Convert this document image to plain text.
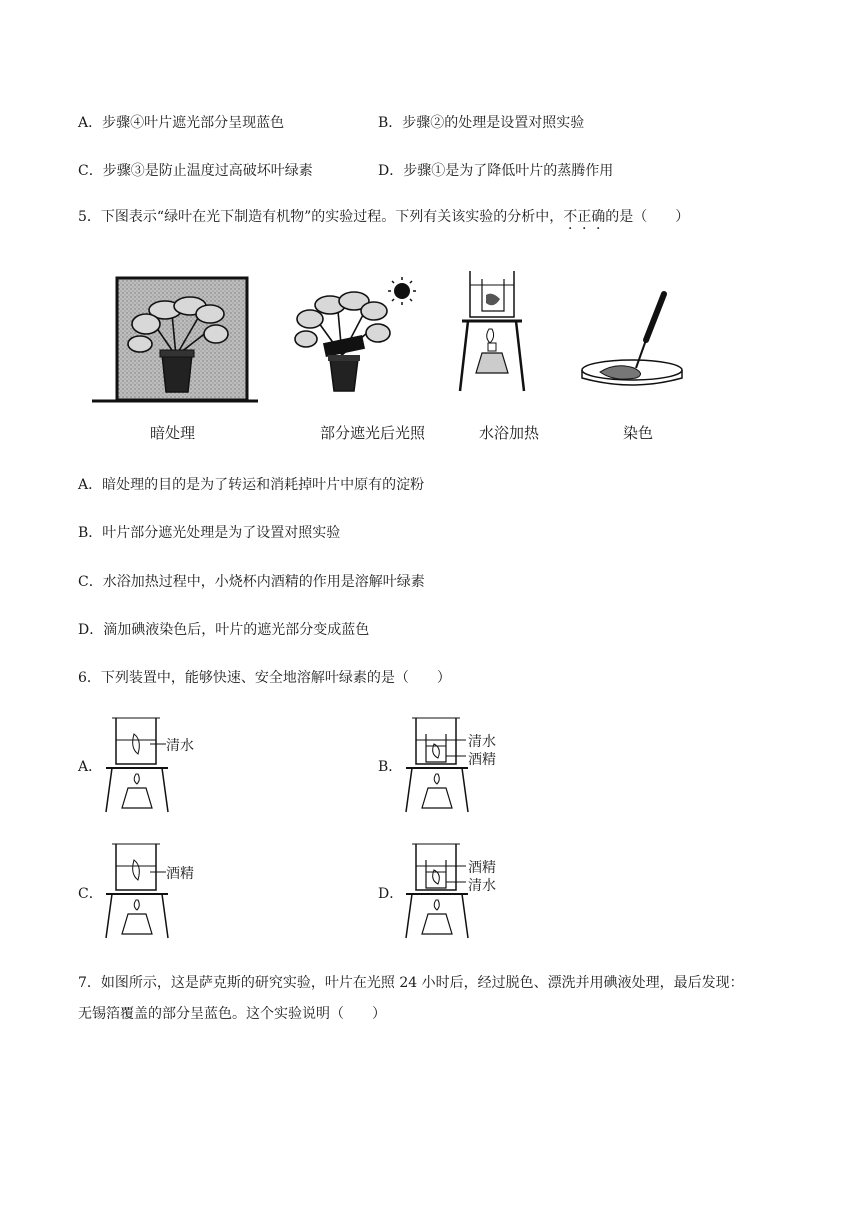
A．步骤④叶片遮光部分呈现蓝色	B．步骤②的处理是设置对照实验
C．步骤③是防止温度过高破坏叶绿素	D．步骤①是为了降低叶片的蒸腾作用
5．下图表示“绿叶在光下制造有机物”的实验过程。下列有关该实验的分析中，不正确的是（　　）
暗处理	部分遮光后光照	水浴加热	染色
A．暗处理的目的是为了转运和消耗掉叶片中原有的淀粉
B．叶片部分遮光处理是为了设置对照实验
C．水浴加热过程中，小烧杯内酒精的作用是溶解叶绿素
D．滴加碘液染色后，叶片的遮光部分变成蓝色
6．下列装置中，能够快速、安全地溶解叶绿素的是（　　）
A．
清水
B．
清水
酒精
C．
酒精
D．
酒精
清水
7．如图所示，这是萨克斯的研究实验，叶片在光照 24 小时后，经过脱色、漂洗并用碘液处理，最后发现：
无锡箔覆盖的部分呈蓝色。这个实验说明（　　）
